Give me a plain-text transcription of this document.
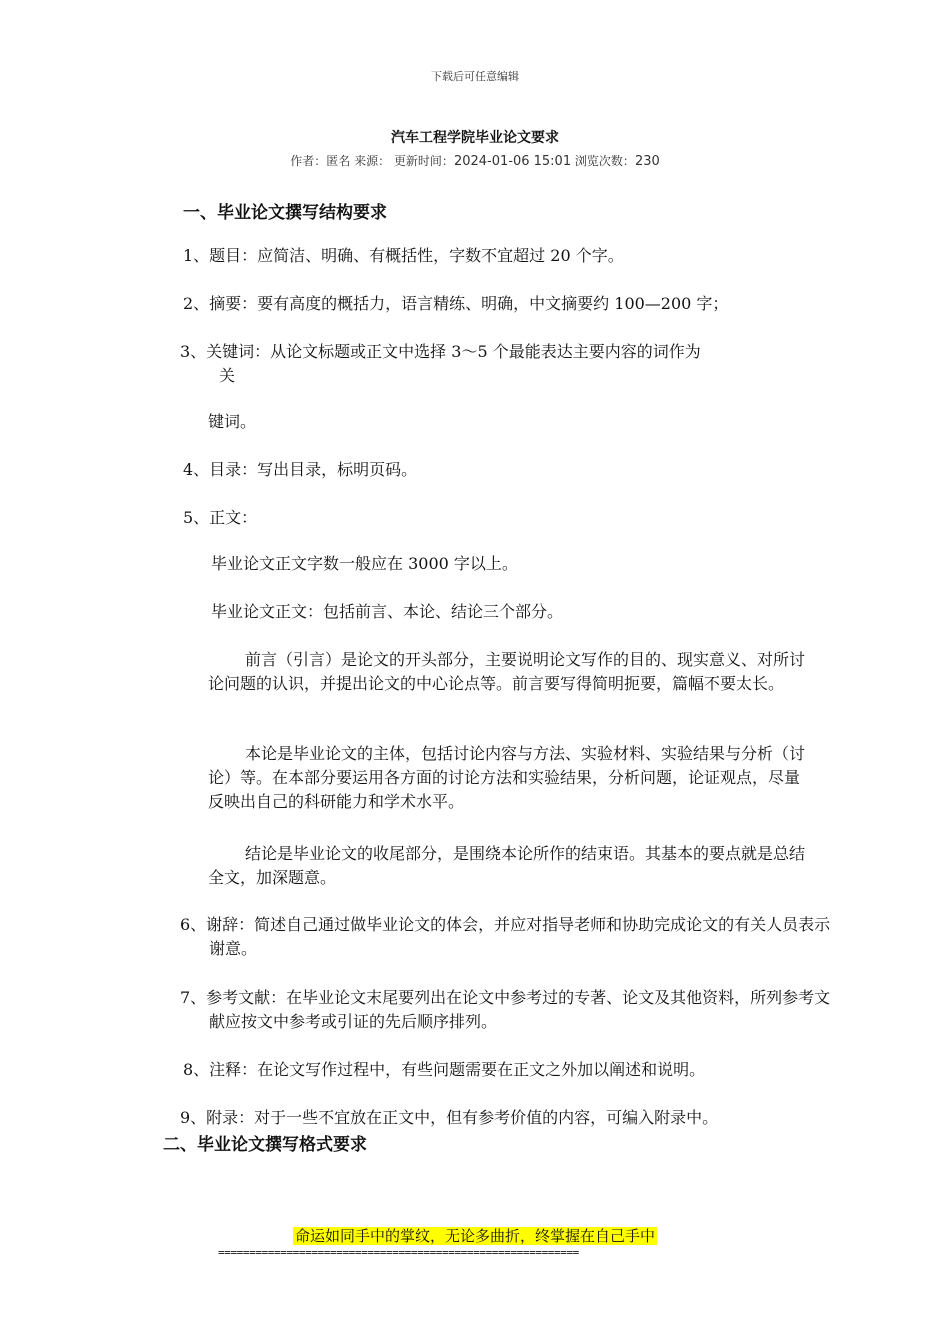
下载后可任意编辑
汽车工程学院毕业论文要求
作者：匿名 来源： 更新时间：2024-01-06 15:01 浏览次数：230
一、毕业论文撰写结构要求
1、题目：应简洁、明确、有概括性，字数不宜超过 20 个字。
2、摘要：要有高度的概括力，语言精练、明确，中文摘要约 100—200 字；
3、关键词：从论文标题或正文中选择 3～5 个最能表达主要内容的词作为
关
键词。
4、目录：写出目录，标明页码。
5、正文：
毕业论文正文字数一般应在 3000 字以上。
毕业论文正文：包括前言、本论、结论三个部分。
前言（引言）是论文的开头部分，主要说明论文写作的目的、现实意义、对所讨论问题的认识，并提出论文的中心论点等。前言要写得简明扼要，篇幅不要太长。
本论是毕业论文的主体，包括讨论内容与方法、实验材料、实验结果与分析（讨论）等。在本部分要运用各方面的讨论方法和实验结果，分析问题，论证观点，尽量反映出自己的科研能力和学术水平。
结论是毕业论文的收尾部分，是围绕本论所作的结束语。其基本的要点就是总结全文，加深题意。
6、谢辞：简述自己通过做毕业论文的体会，并应对指导老师和协助完成论文的有关人员表示谢意。
7、参考文献：在毕业论文末尾要列出在论文中参考过的专著、论文及其他资料，所列参考文献应按文中参考或引证的先后顺序排列。
8、注释：在论文写作过程中，有些问题需要在正文之外加以阐述和说明。
9、附录：对于一些不宜放在正文中，但有参考价值的内容，可编入附录中。
二、毕业论文撰写格式要求
命运如同手中的掌纹，无论多曲折，终掌握在自己手中
==========================================================
